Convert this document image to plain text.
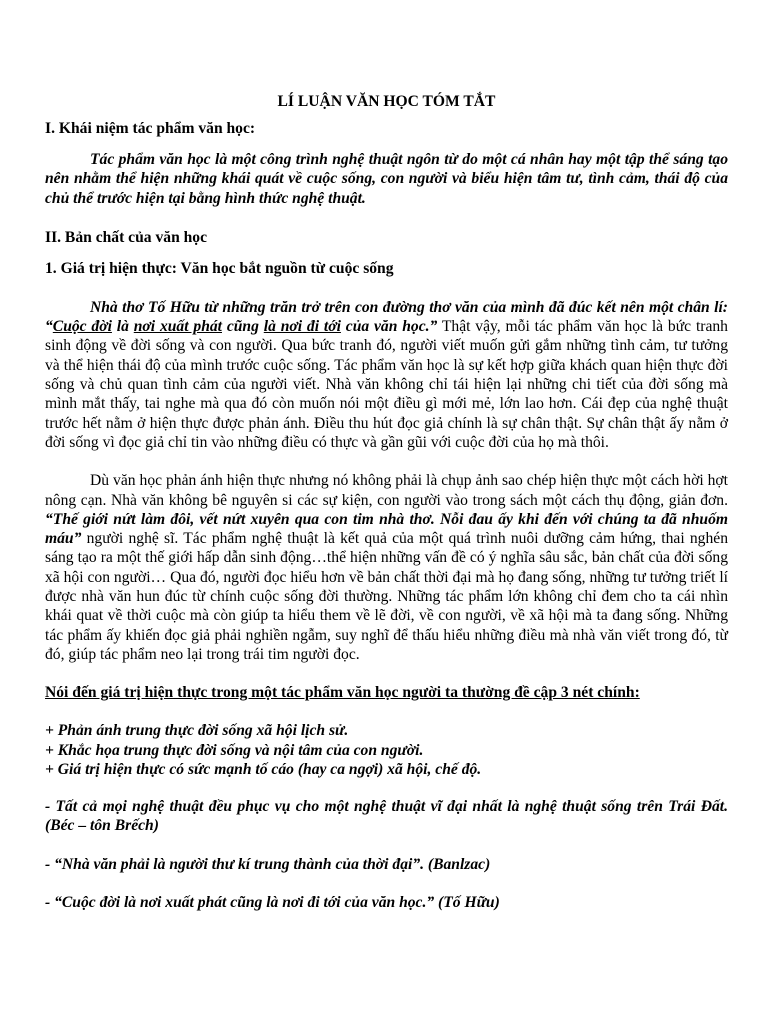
LÍ LUẬN VĂN HỌC TÓM TẮT

I. Khái niệm tác phẩm văn học:

Tác phẩm văn học là một công trình nghệ thuật ngôn từ do một cá nhân hay một tập thể sáng tạo nên nhằm thể hiện những khái quát về cuộc sống, con người và biểu hiện tâm tư, tình cảm, thái độ của chủ thể trước hiện tại bằng hình thức nghệ thuật.

II. Bản chất của văn học

1. Giá trị hiện thực: Văn học bắt nguồn từ cuộc sống

Nhà thơ Tố Hữu từ những trăn trở trên con đường thơ văn của mình đã đúc kết nên một chân lí: “Cuộc đời là nơi xuất phát cũng là nơi đi tới của văn học.” Thật vậy, mỗi tác phẩm văn học là bức tranh sinh động về đời sống và con người. Qua bức tranh đó, người viết muốn gửi gắm những tình cảm, tư tưởng và thể hiện thái độ của mình trước cuộc sống. Tác phẩm văn học là sự kết hợp giữa khách quan hiện thực đời sống và chủ quan tình cảm của người viết. Nhà văn không chỉ tái hiện lại những chi tiết của đời sống mà mình mắt thấy, tai nghe mà qua đó còn muốn nói một điều gì mới mẻ, lớn lao hơn. Cái đẹp của nghệ thuật trước hết nằm ở hiện thực được phản ánh. Điều thu hút đọc giả chính là sự chân thật. Sự chân thật ấy nằm ở đời sống vì đọc giả chỉ tin vào những điều có thực và gần gũi với cuộc đời của họ mà thôi.

Dù văn học phản ánh hiện thực nhưng nó không phải là chụp ảnh sao chép hiện thực một cách hời hợt nông cạn. Nhà văn không bê nguyên si các sự kiện, con người vào trong sách một cách thụ động, giản đơn. “Thế giới nứt làm đôi, vết nứt xuyên qua con tim nhà thơ. Nỗi đau ấy khi đến với chúng ta đã nhuốm máu” người nghệ sĩ. Tác phẩm nghệ thuật là kết quả của một quá trình nuôi dưỡng cảm hứng, thai nghén sáng tạo ra một thế giới hấp dẫn sinh động…thể hiện những vấn đề có ý nghĩa sâu sắc, bản chất của đời sống xã hội con người… Qua đó, người đọc hiểu hơn về bản chất thời đại mà họ đang sống, những tư tưởng triết lí được nhà văn hun đúc từ chính cuộc sống đời thường. Những tác phẩm lớn không chỉ đem cho ta cái nhìn khái quat về thời cuộc mà còn giúp ta hiểu them về lẽ đời, về con người, về xã hội mà ta đang sống. Những tác phẩm ấy khiến đọc giả phải nghiền ngẫm, suy nghĩ để thấu hiểu những điều mà nhà văn viết trong đó, từ đó, giúp tác phẩm neo lại trong trái tim người đọc.

Nói đến giá trị hiện thực trong một tác phẩm văn học người ta thường đề cập 3 nét chính:

+ Phản ánh trung thực đời sống xã hội lịch sử.

+ Khắc họa trung thực đời sống và nội tâm của con người.

+ Giá trị hiện thực có sức mạnh tố cáo (hay ca ngợi) xã hội, chế độ.

- Tất cả mọi nghệ thuật đều phục vụ cho một nghệ thuật vĩ đại nhất là nghệ thuật sống trên Trái Đất. (Béc – tôn Brếch)

- “Nhà văn phải là người thư kí trung thành của thời đại”. (Banlzac)

- “Cuộc đời là nơi xuất phát cũng là nơi đi tới của văn học.” (Tố Hữu)
